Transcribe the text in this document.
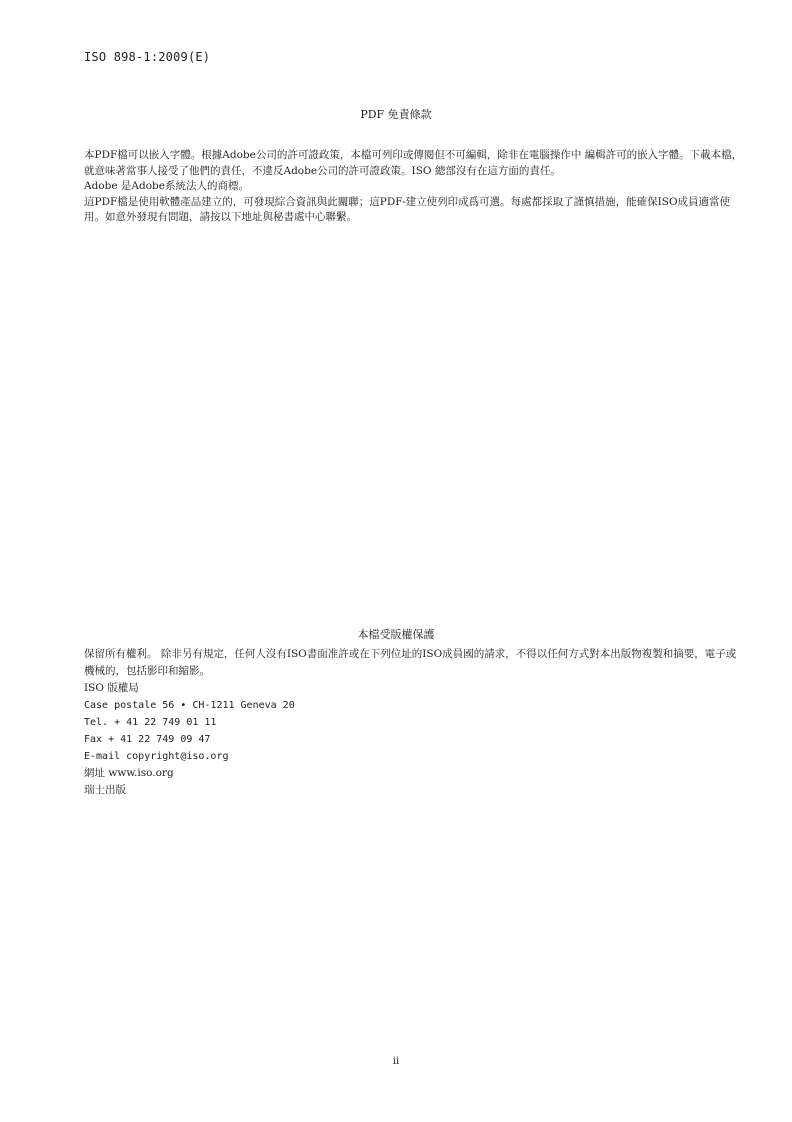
ISO 898-1:2009(E)
PDF 免責條款

本PDF檔可以嵌入字體。根據Adobe公司的許可證政策，本檔可列印或傳閱但不可編輯，除非在電腦操作中 編輯許可的嵌入字體。下載本檔，就意味著當事人接受了他們的責任，不違反Adobe公司的許可證政策。ISO 總部沒有在這方面的責任。

Adobe 是Adobe系統法人的商標。

這PDF檔是使用軟體產品建立的，可發現綜合資訊與此關聯；這PDF-建立使列印成爲可選。每處都採取了謹慎措施，能確保ISO成員適當使用。如意外發現有問題，請按以下地址與秘書處中心聯繫。

本檔受版權保護

保留所有權利。 除非另有規定，任何人沒有ISO書面准許或在下列位址的ISO成員國的請求，不得以任何方式對本出版物複製和摘要，電子或機械的，包括影印和縮影。

ISO 版權局

Case postale 56 • CH-1211 Geneva 20

Tel. + 41 22 749 01 11

Fax + 41 22 749 09 47

E-mail copyright@iso.org

網址 www.iso.org

瑞士出版

ii
